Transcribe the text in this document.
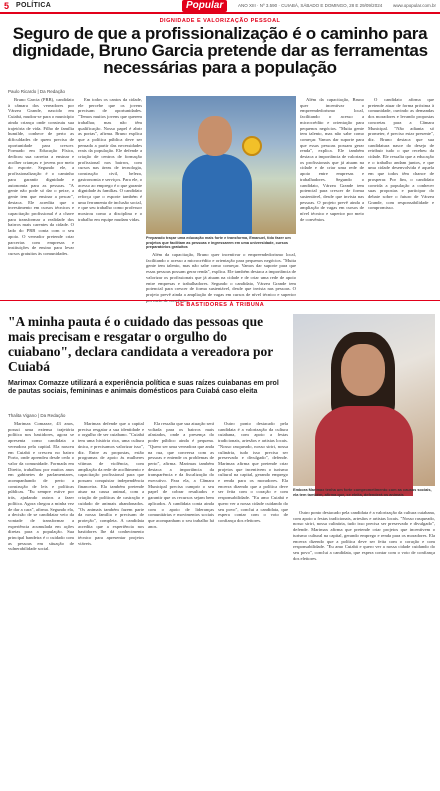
5 POLÍTICA	Popular	ANO XIII · Nº 3.590 · CUIABÁ, SÁBADO E DOMINGO, 28 E 29/09/2024 www.opopular.com.br
DIGNIDADE E VALORIZAÇÃO PESSOAL
Seguro de que a profissionalização é o caminho para dignidade, Bruno Garcia pretende dar as ferramentas necessárias para a população
Paulo Ricardo | Da Redação

Bruno Garcia (PRB), candidato à câmara dos vereadores por Várzea Grande, nascido em Cuiabá, mudou-se para o município ainda criança onde construiu sua trajetória de vida. Filho de família humilde, conhece de perto as dificuldades de quem precisa de oportunidade para crescer. Formado em Educação Física, dedicou sua carreira a ensinar e acolher crianças e jovens por meio do esporte. Segundo ele, a profissionalização é o caminho para garantir dignidade e autonomia para as pessoas. "A gente não pode só dar o peixe, a gente tem que ensinar a pescar", destaca. Ele acredita que o investimento em cursos técnicos e capacitação profissional é a chave para transformar a realidade dos bairros mais carentes da cidade. O lado do PRB conta com o seu apoio. O vereador pretende criar parcerias com empresas e instituições de ensino para levar cursos gratuitos às comunidades.

Em todos os cantos da cidade, ele percebe que os jovens precisam de oportunidades. "Temos muitos jovens que querem trabalhar, mas não têm qualificação. Nosso papel é abrir as portas", afirma. Bruno explica que a política pública deve ser pensada a partir das necessidades reais da população. Ele defende a criação de centros de formação profissional nos bairros, com cursos nas áreas de tecnologia, construção civil, beleza, gastronomia e serviços. Para ele, o acesso ao emprego é o que garante dignidade às famílias. O candidato reforça que o esporte também é uma ferramenta de inclusão social, e que seu trabalho como professor mostrou como a disciplina e o trabalho em equipe mudam vidas.

Preparado traçar uma educação mais forte e transforma, Emanuel, tido fazer um projetos que facilitam as pessoas e ingressarem em uma universidade, cursos preparatórios gratuitos

Além da capacitação, Bruno quer incentivar o empreendedorismo local, facilitando o acesso a microcrédito e orientação para pequenos negócios. "Muita gente tem talento, mas não sabe como começar. Vamos dar suporte para que essas pessoas possam gerar renda", explica. Ele também destaca a importância de valorizar os profissionais que já atuam na cidade e de criar uma rede de apoio entre empresas e trabalhadores. Segundo o candidato, Várzea Grande tem potencial para crescer de forma sustentável, desde que invista nas pessoas. O projeto prevê ainda a ampliação de vagas em cursos de nível técnico e superior por meio de convênios.

Além da capacitação, Bruno quer incentivar o empreendedorismo local, facilitando o acesso a microcrédito e orientação para pequenos negócios. "Muita gente tem talento, mas não sabe como começar. Vamos dar suporte para que essas pessoas possam gerar renda", explica. Ele também destaca a importância de valorizar os profissionais que já atuam na cidade e de criar uma rede de apoio entre empresas e trabalhadores. Segundo o candidato, Várzea Grande tem potencial para crescer de forma sustentável, desde que invista nas pessoas. O projeto prevê ainda a ampliação de vagas em cursos de nível técnico e superior por meio de convênios.

O candidato afirma que pretende atuar de forma próxima à comunidade, ouvindo as demandas dos moradores e levando propostas concretas para a Câmara Municipal. "Não adianta só prometer, é preciso estar presente", diz. Bruno destaca que sua candidatura nasce do desejo de retribuir tudo o que recebeu da cidade. Ele ressalta que a educação e o trabalho andam juntos, e que uma cidade desenvolvida é aquela em que todos têm chance de prosperar. Por fim, o candidato convida a população a conhecer suas propostas e participar do debate sobre o futuro de Várzea Grande, com responsabilidade e compromisso.

DE BASTIDORES À TRIBUNA
"A minha pauta é o cuidado das pessoas que mais precisam e resgatar o orgulho do cuiabano", declara candidata a vereadora por Cuiabá
Marimax Comazze utilizará a experiência política e suas raízes cuiabanas em prol de pautas sociais, femininas e animais domésticos para Cuiabá caso eleita
Thalita Vigano | Da Redação

Marimax Comazze, 43 anos, possui uma extensa trajetória política nos bastidores, agora se apresenta como candidata a vereadora pela capital. Ela nasceu em Cuiabá e cresceu no bairro Porto, onde aprendeu desde cedo o valor da comunidade. Formada em Direito, trabalhou por muitos anos em gabinetes de parlamentares, acompanhando de perto a construção de leis e políticas públicas. "Eu sempre estive por trás, ajudando outros a fazer política. Agora chegou a minha vez de dar a cara", afirma. Segundo ela, a decisão de se candidatar veio da vontade de transformar a experiência acumulada em ações diretas para a população. Sua principal bandeira é o cuidado com as pessoas em situação de vulnerabilidade social.

Marimax defende que a capital precisa resgatar a sua identidade e o orgulho de ser cuiabano. "Cuiabá tem uma história rica, uma cultura única, e precisamos valorizar isso", diz. Entre as propostas, estão programas de apoio às mulheres vítimas de violência, com ampliação da rede de acolhimento e capacitação profissional para que possam conquistar independência financeira. Ela também pretende atuar na causa animal, com a criação de políticas de castração e cuidado de animais abandonados. "Os animais também fazem parte da nossa família e precisam de proteção", completa. A candidata acredita que a experiência nos bastidores lhe dá conhecimento técnico para apresentar projetos viáveis.

Ela ressalta que sua atuação será voltada para os bairros mais afastados, onde a presença do poder público ainda é pequena. "Quero ser uma vereadora que anda na rua, que conversa com as pessoas e entende os problemas de perto", afirma. Marimax também destaca a importância da transparência e da fiscalização do executivo. Para ela, a Câmara Municipal precisa cumprir o seu papel de cobrar resultados e garantir que os recursos sejam bem aplicados. A candidata conta ainda com o apoio de lideranças comunitárias e movimentos sociais que acompanham o seu trabalho há anos.

Outro ponto destacado pela candidata é a valorização da cultura cuiabana, com apoio a festas tradicionais, artesãos e artistas locais. "Nosso rasqueado, nosso siriri, nossa culinária, tudo isso precisa ser preservado e divulgado", defende. Marimax afirma que pretende criar projetos que incentivem o turismo cultural na capital, gerando emprego e renda para os moradores. Ela encerra dizendo que a política deve ser feita com o coração e com responsabilidade. "Eu amo Cuiabá e quero ver a nossa cidade cuidando do seu povo", conclui a candidata, que espera contar com o voto de confiança dos eleitores.

Embora Marimax tenha um forte comprometimento com as causas sociais, ela tem também, afirma que, se eleita, defenderá os animais

Outro ponto destacado pela candidata é a valorização da cultura cuiabana, com apoio a festas tradicionais, artesãos e artistas locais. "Nosso rasqueado, nosso siriri, nossa culinária, tudo isso precisa ser preservado e divulgado", defende. Marimax afirma que pretende criar projetos que incentivem o turismo cultural na capital, gerando emprego e renda para os moradores. Ela encerra dizendo que a política deve ser feita com o coração e com responsabilidade. "Eu amo Cuiabá e quero ver a nossa cidade cuidando do seu povo", conclui a candidata, que espera contar com o voto de confiança dos eleitores.
